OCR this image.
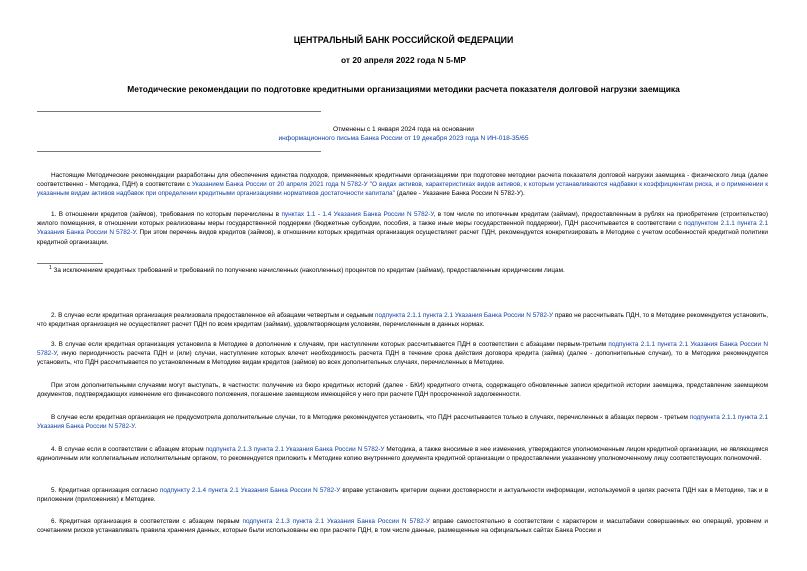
ЦЕНТРАЛЬНЫЙ БАНК РОССИЙСКОЙ ФЕДЕРАЦИИ
от 20 апреля 2022 года N 5-МР
Методические рекомендации по подготовке кредитными организациями методики расчета показателя долговой нагрузки заемщика
Отменены с 1 января 2024 года на основании
информационного письма Банка России от 19 декабря 2023 года N ИН-018-35/65
Настоящие Методические рекомендации разработаны для обеспечения единства подходов, применяемых кредитными организациями при подготовке методики расчета показателя долговой нагрузки заемщика - физического лица (далее соответственно - Методика, ПДН) в соответствии с Указанием Банка России от 20 апреля 2021 года N 5782-У "О видах активов, характеристиках видов активов, к которым устанавливаются надбавки к коэффициентам риска, и о применении к указанным видам активов надбавок при определении кредитными организациями нормативов достаточности капитала" (далее - Указание Банка России N 5782-У).
1. В отношении кредитов (займов), требования по которым перечислены в пунктах 1.1 - 1.4 Указания Банка России N 5782-У, в том числе по ипотечным кредитам (займам), предоставленным в рублях на приобретение (строительство) жилого помещения, в отношении которых реализованы меры государственной поддержки (бюджетные субсидии, пособия, а также иные меры государственной поддержки), ПДН рассчитывается в соответствии с подпунктом 2.1.1 пункта 2.1 Указания Банка России N 5782-У. При этом перечень видов кредитов (займов), в отношении которых кредитная организация осуществляет расчет ПДН, рекомендуется конкретизировать в Методике с учетом особенностей кредитной политики кредитной организации.
$^1$ За исключением кредитных требований и требований по получению начисленных (накопленных) процентов по кредитам (займам), предоставленным юридическим лицам.
2. В случае если кредитная организация реализовала предоставленное ей абзацами четвертым и седьмым подпункта 2.1.1 пункта 2.1 Указания Банка России N 5782-У право не рассчитывать ПДН, то в Методике рекомендуется установить, что кредитная организация не осуществляет расчет ПДН по всем кредитам (займам), удовлетворяющим условиям, перечисленным в данных нормах.
3. В случае если кредитная организация установила в Методике в дополнение к случаям, при наступлении которых рассчитывается ПДН в соответствии с абзацами первым-третьим подпункта 2.1.1 пункта 2.1 Указания Банка России N 5782-У, иную периодичность расчета ПДН и (или) случаи, наступление которых влечет необходимость расчета ПДН в течение срока действия договора кредита (займа) (далее - дополнительные случаи), то в Методике рекомендуется установить, что ПДН рассчитывается по установленным в Методике видам кредитов (займов) во всех дополнительных случаях, перечисленных в Методике.
При этом дополнительными случаями могут выступать, в частности: получение из бюро кредитных историй (далее - БКИ) кредитного отчета, содержащего обновленные записи кредитной истории заемщика, представление заемщиком документов, подтверждающих изменение его финансового положения, погашение заемщиком имеющейся у него при расчете ПДН просроченной задолженности.
В случае если кредитная организация не предусмотрела дополнительные случаи, то в Методике рекомендуется установить, что ПДН рассчитывается только в случаях, перечисленных в абзацах первом - третьем подпункта 2.1.1 пункта 2.1 Указания Банка России N 5782-У.
4. В случае если в соответствии с абзацем вторым подпункта 2.1.3 пункта 2.1 Указания Банка России N 5782-У Методика, а также вносимые в нее изменения, утверждаются уполномоченным лицом кредитной организации, не являющимся единоличным или коллегиальным исполнительным органом, то рекомендуется приложить к Методике копию внутреннего документа кредитной организации о предоставлении указанному уполномоченному лицу соответствующих полномочий.
5. Кредитная организация согласно подпункту 2.1.4 пункта 2.1 Указания Банка России N 5782-У вправе установить критерии оценки достоверности и актуальности информации, используемой в целях расчета ПДН как в Методике, так и в приложении (приложениях) к Методике.
6. Кредитная организация в соответствии с абзацем первым подпункта 2.1.3 пункта 2.1 Указания Банка России N 5782-У вправе самостоятельно в соответствии с характером и масштабами совершаемых ею операций, уровнем и сочетанием рисков устанавливать правила хранения данных, которые были использованы ею при расчете ПДН, в том числе данные, размещенные на официальных сайтах Банка России и
